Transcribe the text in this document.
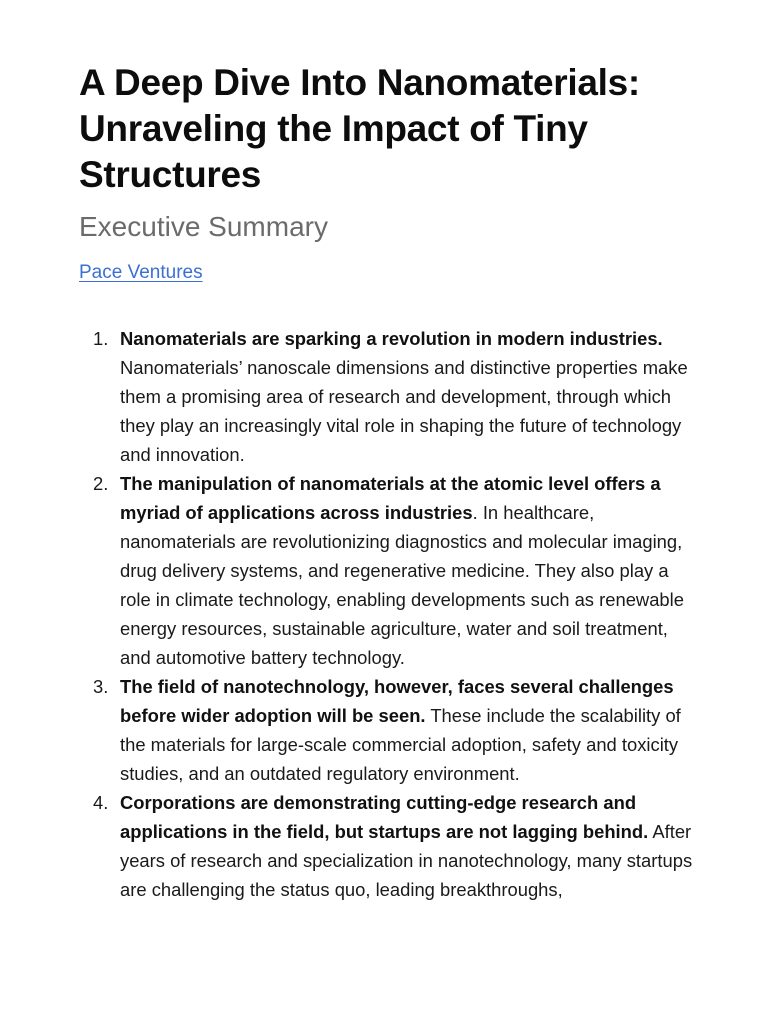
A Deep Dive Into Nanomaterials: Unraveling the Impact of Tiny Structures
Executive Summary
Pace Ventures
1. Nanomaterials are sparking a revolution in modern industries. Nanomaterials’ nanoscale dimensions and distinctive properties make them a promising area of research and development, through which they play an increasingly vital role in shaping the future of technology and innovation.
2. The manipulation of nanomaterials at the atomic level offers a myriad of applications across industries. In healthcare, nanomaterials are revolutionizing diagnostics and molecular imaging, drug delivery systems, and regenerative medicine. They also play a role in climate technology, enabling developments such as renewable energy resources, sustainable agriculture, water and soil treatment, and automotive battery technology.
3. The field of nanotechnology, however, faces several challenges before wider adoption will be seen. These include the scalability of the materials for large-scale commercial adoption, safety and toxicity studies, and an outdated regulatory environment.
4. Corporations are demonstrating cutting-edge research and applications in the field, but startups are not lagging behind. After years of research and specialization in nanotechnology, many startups are challenging the status quo, leading breakthroughs,
